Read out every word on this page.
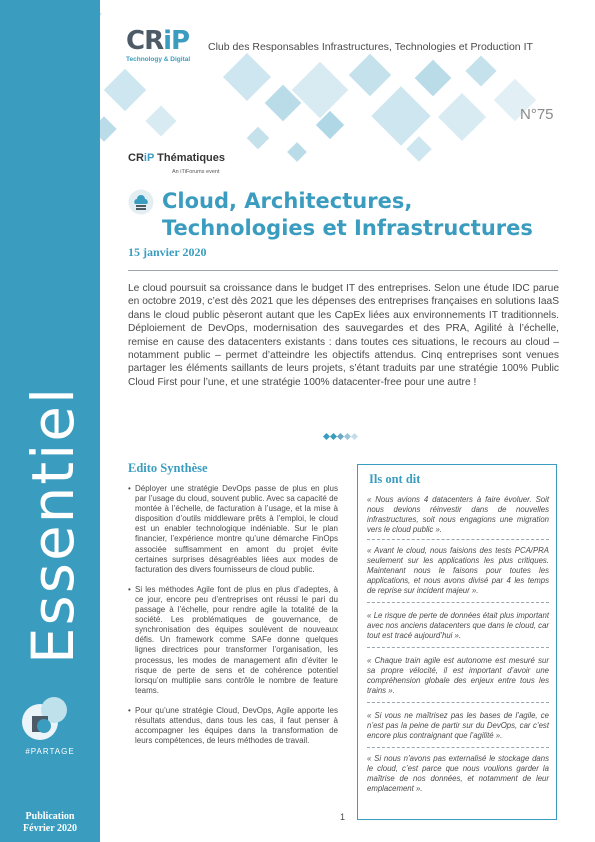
Essentiel
#PARTAGE
Publication
Février 2020
CRiP
Technology & Digital
Club des Responsables Infrastructures, Technologies et Production IT
N°75
CRiP Thématiques
An iTiForums event
Cloud, Architectures,
Technologies et Infrastructures
15 janvier 2020
Le cloud poursuit sa croissance dans le budget IT des entreprises. Selon une étude IDC parue en octobre 2019, c’est dès 2021 que les dépenses des entreprises françaises en solutions IaaS dans le cloud public pèseront autant que les CapEx liées aux environnements IT traditionnels. Déploiement de DevOps, modernisation des sauvegardes et des PRA, Agilité à l’échelle, remise en cause des datacenters existants : dans toutes ces situations, le recours au cloud – notamment public – permet d’atteindre les objectifs attendus. Cinq entreprises sont venues partager les éléments saillants de leurs projets, s’étant traduits par une stratégie 100% Public Cloud First pour l’une, et une stratégie 100% datacenter-free pour une autre !
Edito Synthèse

• Déployer une stratégie DevOps passe de plus en plus par l’usage du cloud, souvent public. Avec sa capacité de montée à l’échelle, de facturation à l’usage, et la mise à disposition d’outils middleware prêts à l’emploi, le cloud est un enabler technologique indéniable. Sur le plan financier, l’expérience montre qu’une démarche FinOps associée suffisamment en amont du projet évite certaines surprises désagréables liées aux modes de facturation des divers fournisseurs de cloud public.

• Si les méthodes Agile font de plus en plus d’adeptes, à ce jour, encore peu d’entreprises ont réussi le pari du passage à l’échelle, pour rendre agile la totalité de la société. Les problématiques de gouvernance, de synchronisation des équipes soulèvent de nouveaux défis. Un framework comme SAFe donne quelques lignes directrices pour transformer l’organisation, les processus, les modes de management afin d’éviter le risque de perte de sens et de cohérence potentiel lorsqu’on multiplie sans contrôle le nombre de feature teams.

• Pour qu’une stratégie Cloud, DevOps, Agile apporte les résultats attendus, dans tous les cas, il faut penser à accompagner les équipes dans la transformation de leurs compétences, de leurs méthodes de travail.

Ils ont dit
« Nous avions 4 datacenters à faire évoluer. Soit nous devions réinvestir dans de nouvelles infrastructures, soit nous engagions une migration vers le cloud public ».
« Avant le cloud, nous faisions des tests PCA/PRA seulement sur les applications les plus critiques. Maintenant nous le faisons pour toutes les applications, et nous avons divisé par 4 les temps de reprise sur incident majeur ».
« Le risque de perte de données était plus important avec nos anciens datacenters que dans le cloud, car tout est tracé aujourd’hui ».
« Chaque train agile est autonome est mesuré sur sa propre vélocité, il est important d’avoir une compréhension globale des enjeux entre tous les trains ».
« Si vous ne maîtrisez pas les bases de l’agile, ce n’est pas la peine de partir sur du DevOps, car c’est encore plus contraignant que l’agilité ».
« Si nous n’avons pas externalisé le stockage dans le cloud, c’est parce que nous voulions garder la maîtrise de nos données, et notamment de leur emplacement ».
1
